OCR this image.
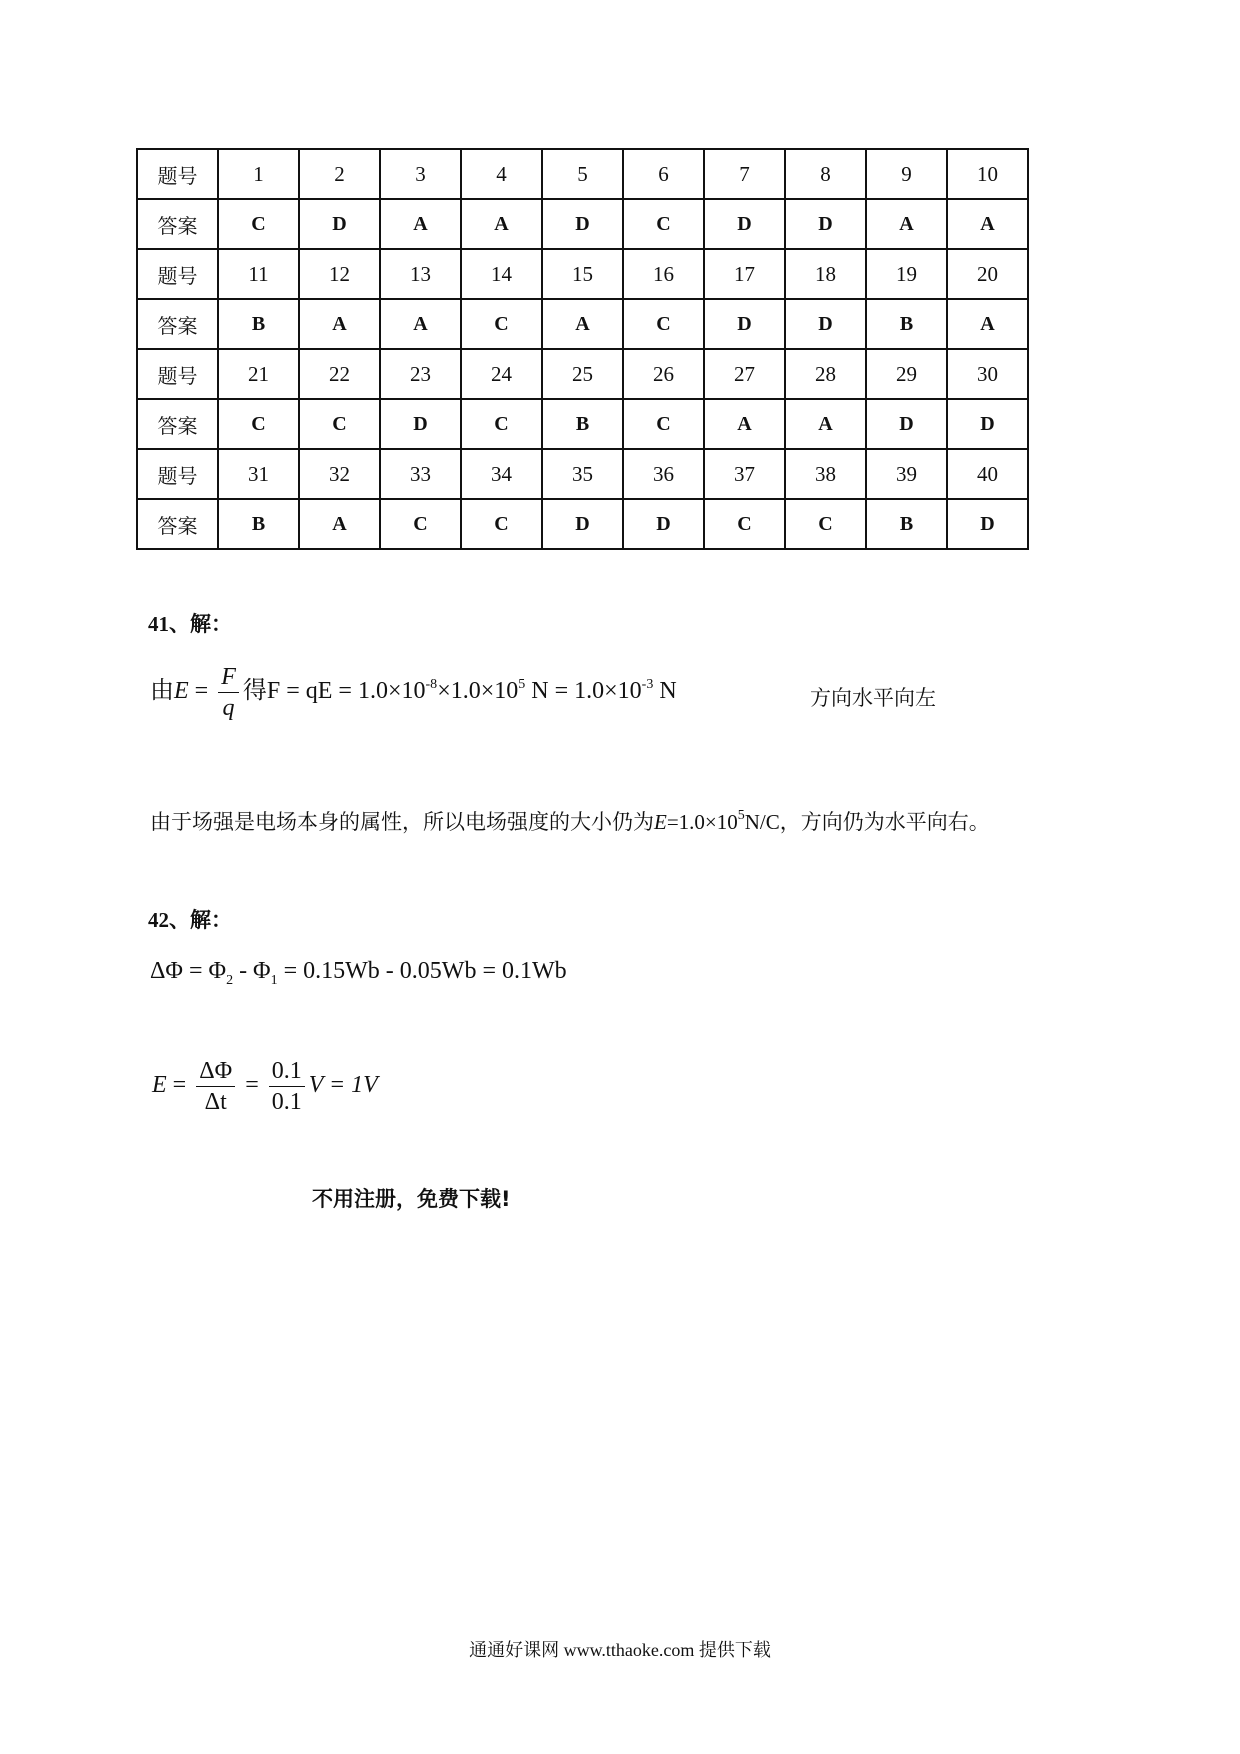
题号	1	2	3	4	5	6	7	8	9	10
答案	C	D	A	A	D	C	D	D	A	A
题号	11	12	13	14	15	16	17	18	19	20
答案	B	A	A	C	A	C	D	D	B	A
题号	21	22	23	24	25	26	27	28	29	30
答案	C	C	D	C	B	C	A	A	D	D
题号	31	32	33	34	35	36	37	38	39	40
答案	B	A	C	C	D	D	C	C	B	D
41、解：
由$E = \frac{F}{q}$ 得F = qE = $1.0\times 10^{-8}\times 1.0\times 10^5$ $N = 1.0\times 10^{-3}$ N	方向水平向左
由于场强是电场本身的属性，所以电场强度的大小仍为$E=1.0\times 10^5N/C$，方向仍为水平向右。
42、解：
$\Delta\Phi = \Phi_2 - \Phi_1 = 0.15Wb - 0.05Wb = 0.1Wb$
$E = \frac{\Delta\Phi}{\Delta t} = \frac{0.1}{0.1}$ V = 1V
不用注册，免费下载!
通通好课网 www.tthaoke.com 提供下载
